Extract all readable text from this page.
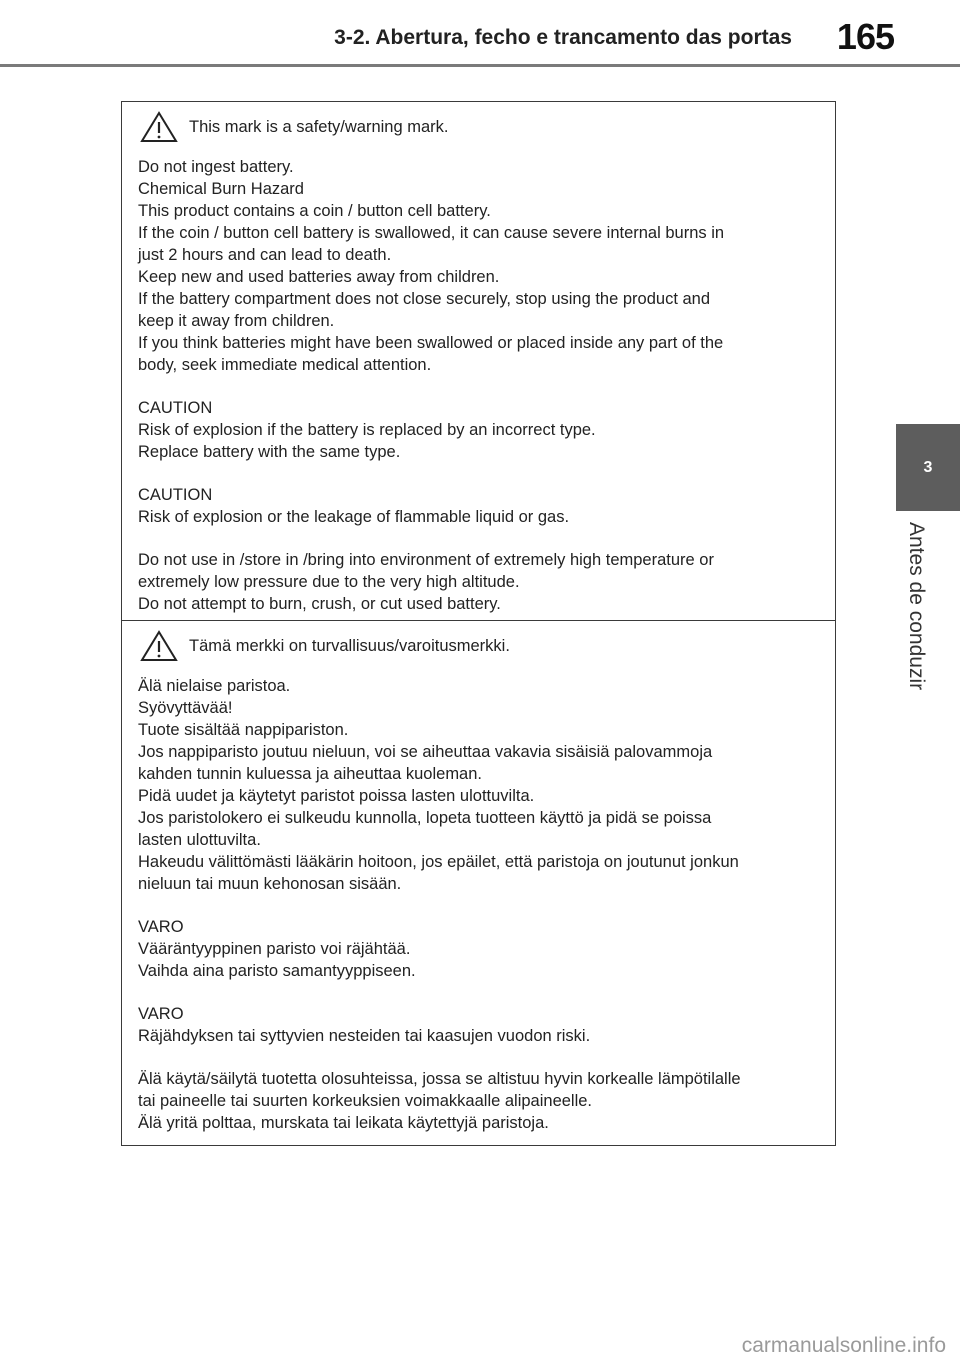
3-2. Abertura, fecho e trancamento das portas 165
3
Antes de conduzir
This mark is a safety/warning mark.
Do not ingest battery.
Chemical Burn Hazard
This product contains a coin / button cell battery.
If the coin / button cell battery is swallowed, it can cause severe internal burns in
just 2 hours and can lead to death.
Keep new and used batteries away from children.
If the battery compartment does not close securely, stop using the product and
keep it away from children.
If you think batteries might have been swallowed or placed inside any part of the
body, seek immediate medical attention.
CAUTION
Risk of explosion if the battery is replaced by an incorrect type.
Replace battery with the same type.
CAUTION
Risk of explosion or the leakage of flammable liquid or gas.
Do not use in /store in /bring into environment of extremely high temperature or
extremely low pressure due to the very high altitude.
Do not attempt to burn, crush, or cut used battery.
Tämä merkki on turvallisuus/varoitusmerkki.
Älä nielaise paristoa.
Syövyttävää!
Tuote sisältää nappipariston.
Jos nappiparisto joutuu nieluun, voi se aiheuttaa vakavia sisäisiä palovammoja
kahden tunnin kuluessa ja aiheuttaa kuoleman.
Pidä uudet ja käytetyt paristot poissa lasten ulottuvilta.
Jos paristolokero ei sulkeudu kunnolla, lopeta tuotteen käyttö ja pidä se poissa
lasten ulottuvilta.
Hakeudu välittömästi lääkärin hoitoon, jos epäilet, että paristoja on joutunut jonkun
nieluun tai muun kehonosan sisään.
VARO
Vääräntyyppinen paristo voi räjähtää.
Vaihda aina paristo samantyyppiseen.
VARO
Räjähdyksen tai syttyvien nesteiden tai kaasujen vuodon riski.
Älä käytä/säilytä tuotetta olosuhteissa, jossa se altistuu hyvin korkealle lämpötilalle
tai paineelle tai suurten korkeuksien voimakkaalle alipaineelle.
Älä yritä polttaa, murskata tai leikata käytettyjä paristoja.
carmanualsonline.info
